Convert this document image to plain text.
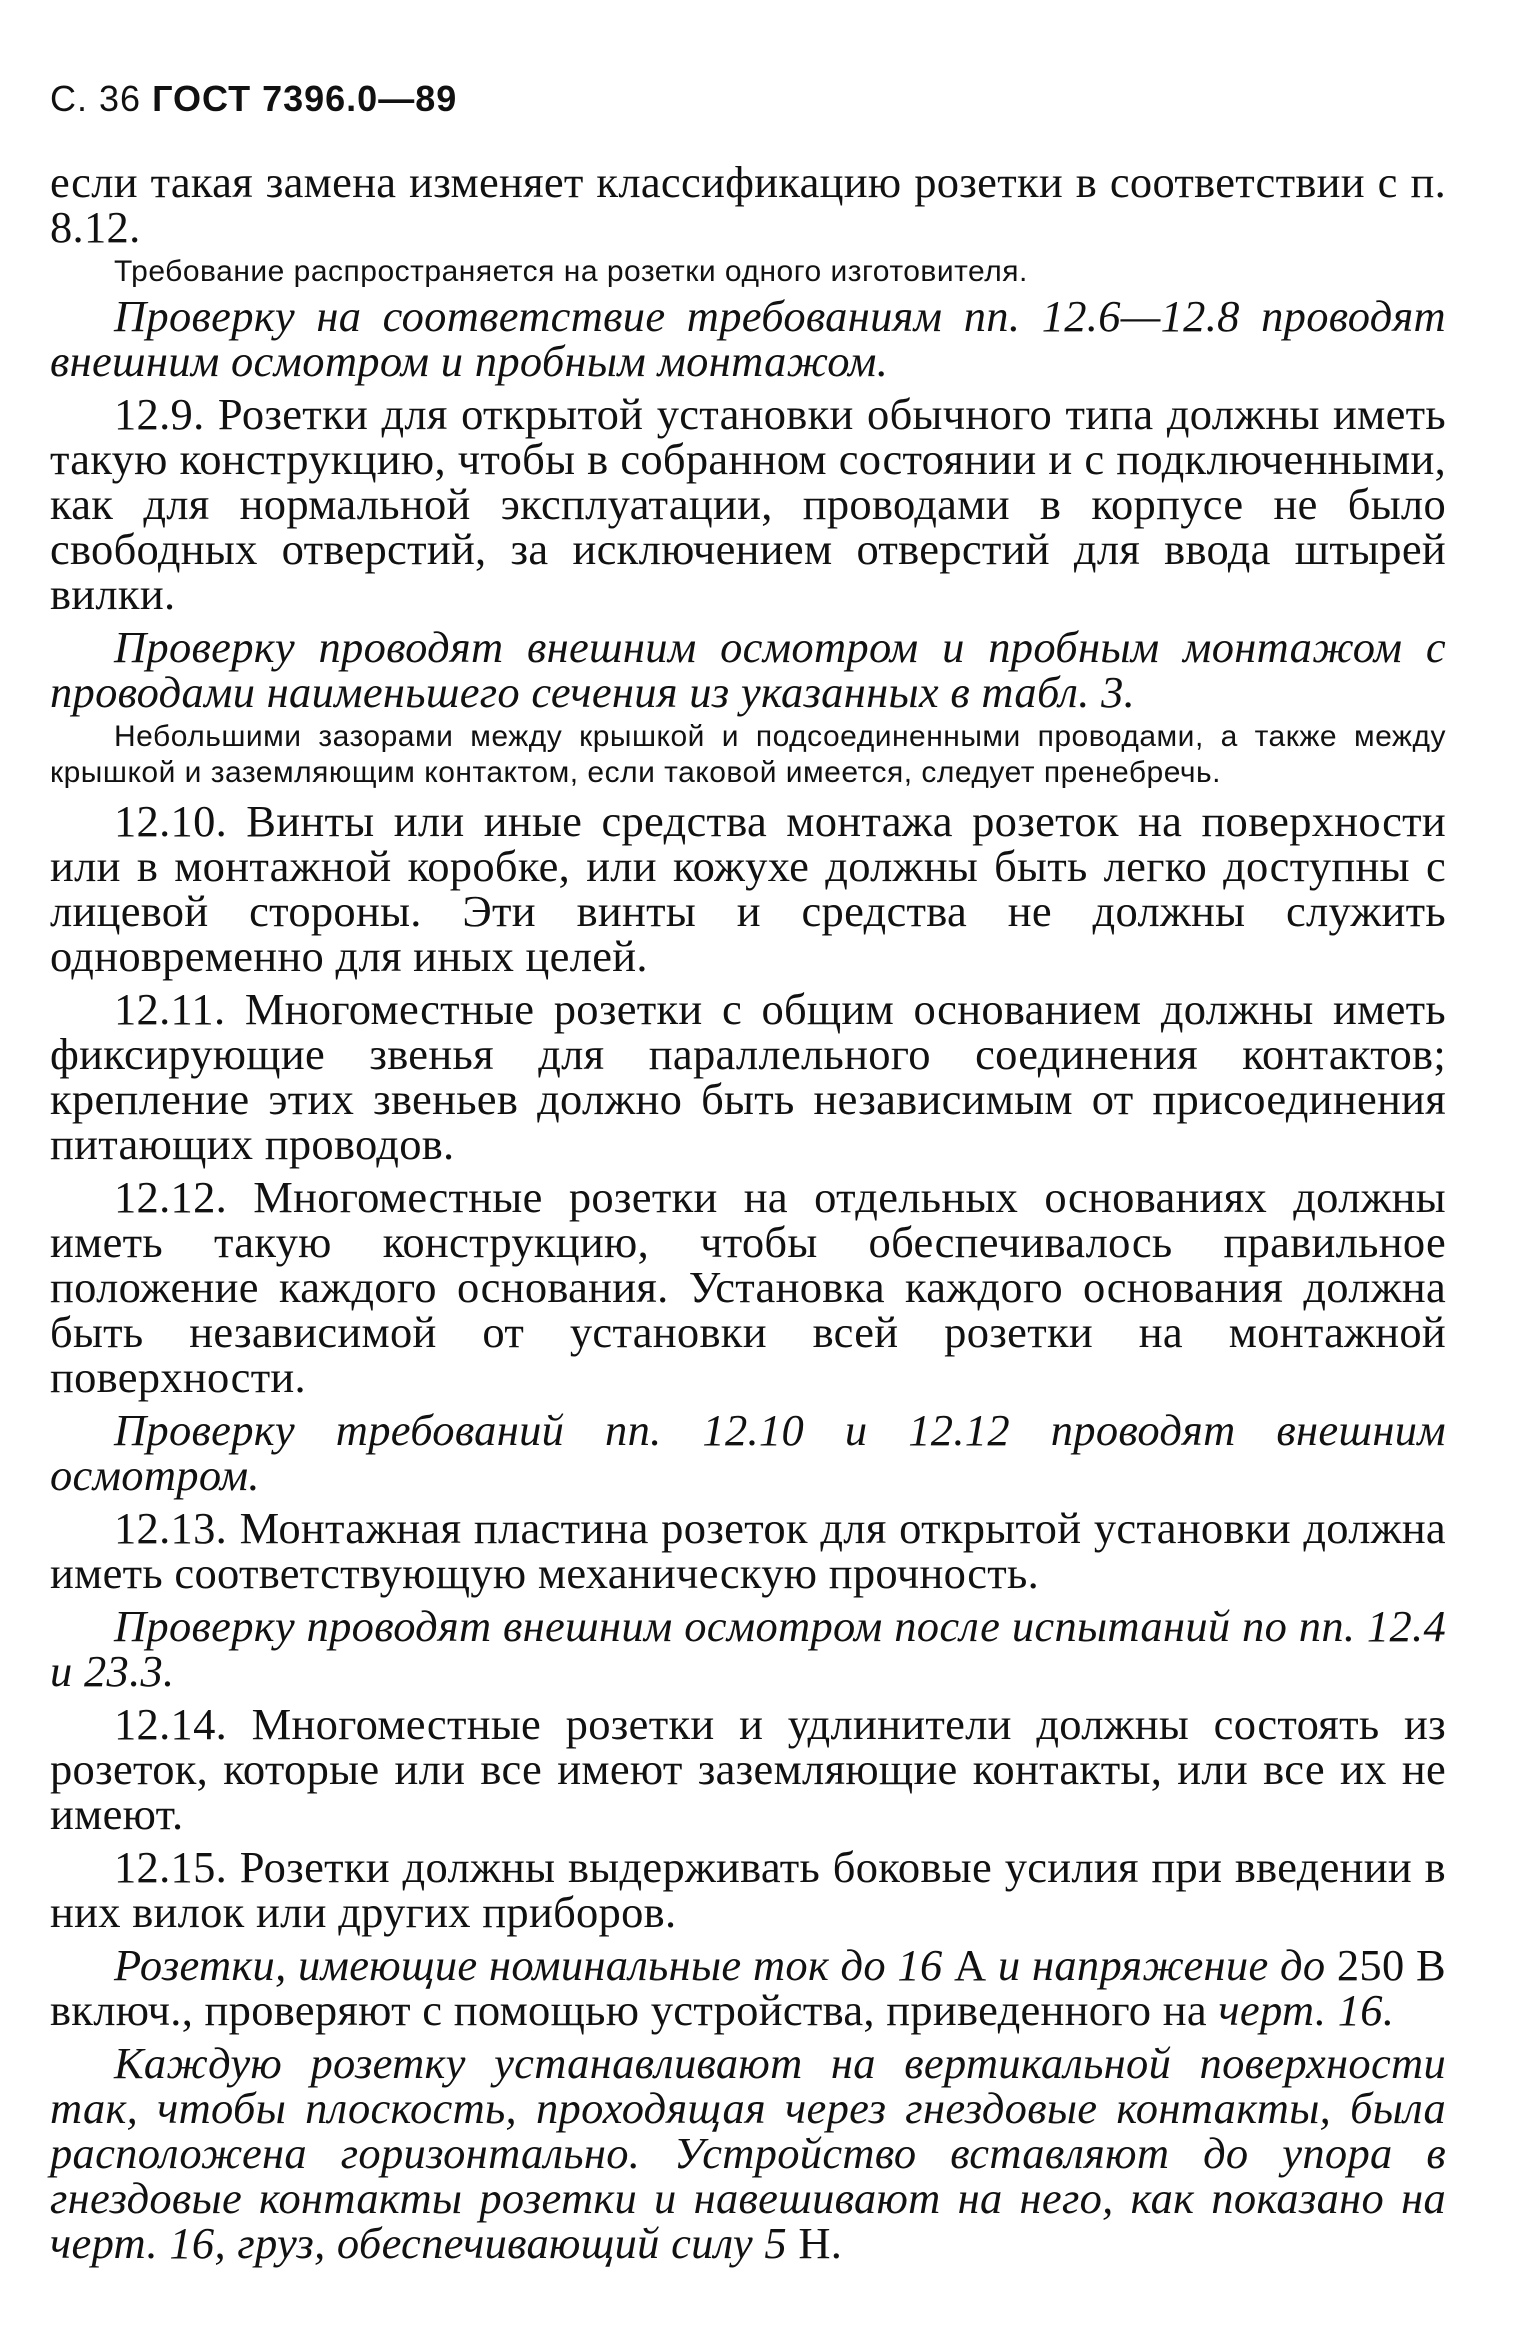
С. 36 ГОСТ 7396.0—89

если такая замена изменяет классификацию розетки в соответствии с п. 8.12.

Требование распространяется на розетки одного изготовителя.

Проверку на соответствие требованиям пп. 12.6—12.8 проводят внешним осмотром и пробным монтажом.

12.9. Розетки для открытой установки обычного типа должны иметь такую конструкцию, чтобы в собранном состоянии и с подключенными, как для нормальной эксплуатации, проводами в корпусе не было свободных отверстий, за исключением отверстий для ввода штырей вилки.

Проверку проводят внешним осмотром и пробным монтажом с проводами наименьшего сечения из указанных в табл. 3.

Небольшими зазорами между крышкой и подсоединенными проводами, а также между крышкой и заземляющим контактом, если таковой имеется, следует пренебречь.

12.10. Винты или иные средства монтажа розеток на поверхности или в монтажной коробке, или кожухе должны быть легко доступны с лицевой стороны. Эти винты и средства не должны служить одновременно для иных целей.

12.11. Многоместные розетки с общим основанием должны иметь фиксирующие звенья для параллельного соединения контактов; крепление этих звеньев должно быть независимым от присоединения питающих проводов.

12.12. Многоместные розетки на отдельных основаниях должны иметь такую конструкцию, чтобы обеспечивалось правильное положение каждого основания. Установка каждого основания должна быть независимой от установки всей розетки на монтажной поверхности.

Проверку требований пп. 12.10 и 12.12 проводят внешним осмотром.

12.13. Монтажная пластина розеток для открытой установки должна иметь соответствующую механическую прочность.

Проверку проводят внешним осмотром после испытаний по пп. 12.4 и 23.3.

12.14. Многоместные розетки и удлинители должны состоять из розеток, которые или все имеют заземляющие контакты, или все их не имеют.

12.15. Розетки должны выдерживать боковые усилия при введении в них вилок или других приборов.

Розетки, имеющие номинальные ток до 16 А и напряжение до 250 В включ., проверяют с помощью устройства, приведенного на черт. 16.

Каждую розетку устанавливают на вертикальной поверхности так, чтобы плоскость, проходящая через гнездовые контакты, была расположена горизонтально. Устройство вставляют до упора в гнездовые контакты розетки и навешивают на него, как показано на черт. 16, груз, обеспечивающий силу 5 Н.
